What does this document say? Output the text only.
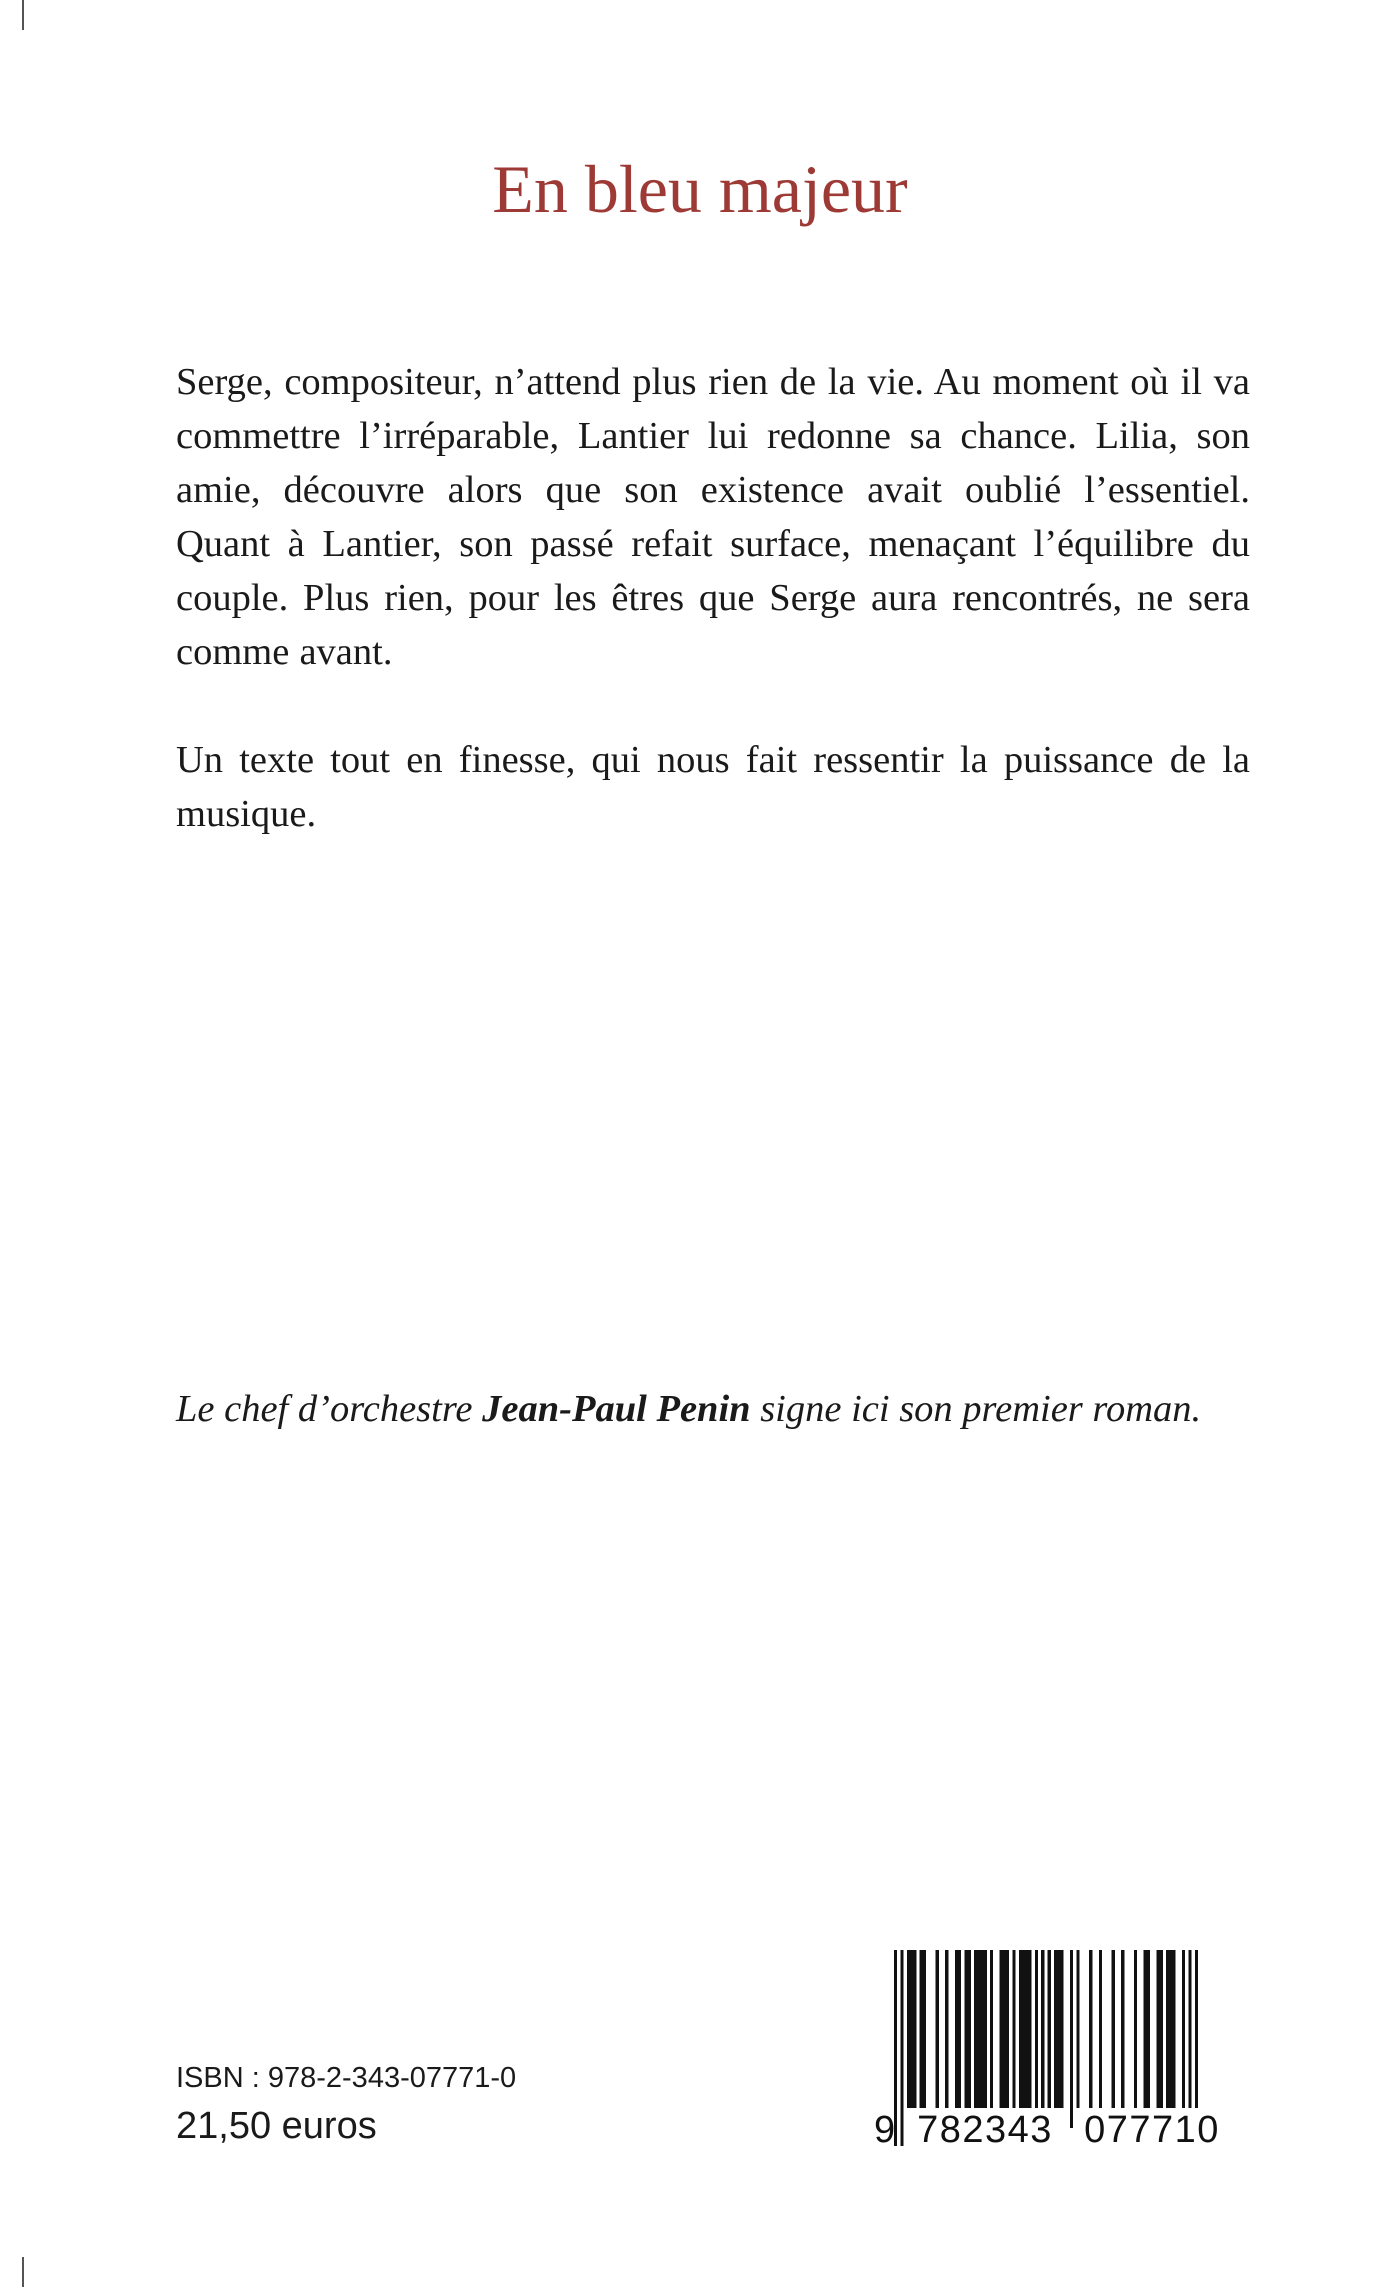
En bleu majeur

Serge, compositeur, n’attend plus rien de la vie. Au moment où il va commettre l’irréparable, Lantier lui redonne sa chance. Lilia, son amie, découvre alors que son existence avait oublié l’essentiel. Quant à Lantier, son passé refait surface, menaçant l’équilibre du couple. Plus rien, pour les êtres que Serge aura rencontrés, ne sera comme avant.

Un texte tout en finesse, qui nous fait ressentir la puissance de la musique.

Le chef d’orchestre Jean-Paul Penin signe ici son premier roman.
ISBN : 978-2-343-07771-0
21,50 euros	9 782343 077710
